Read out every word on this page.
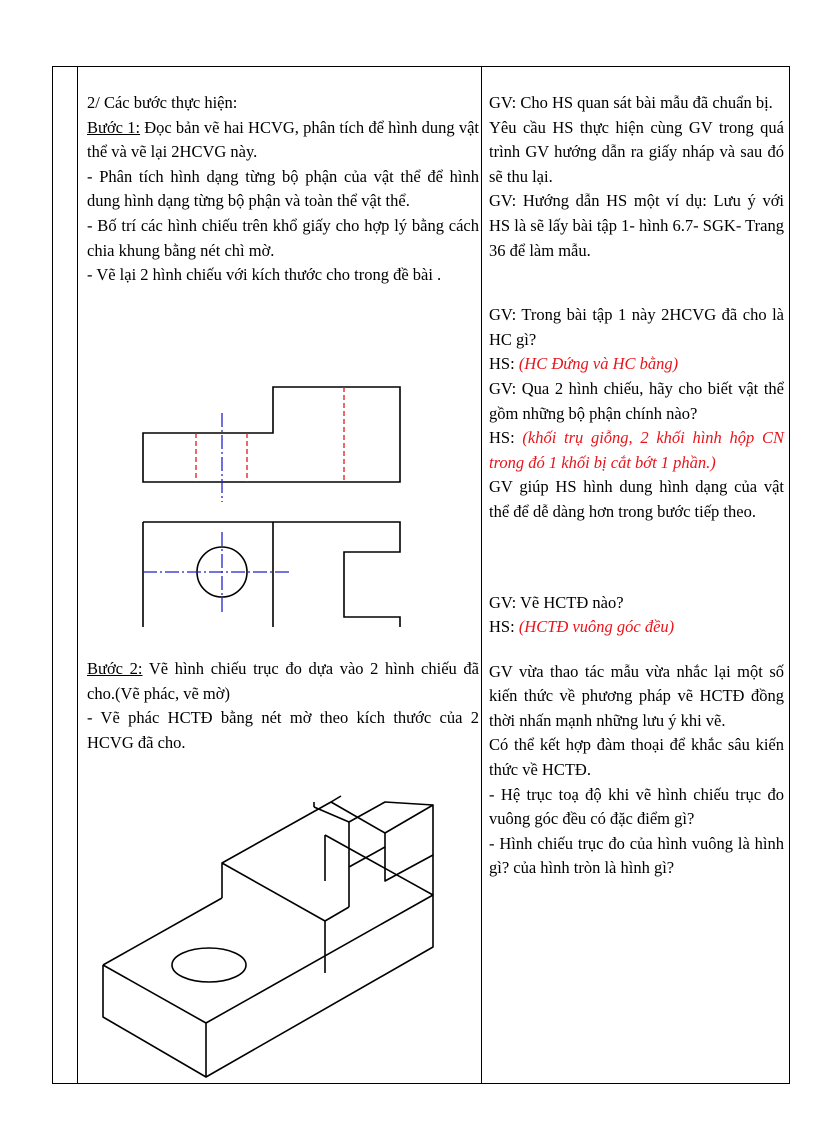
2/ Các bước thực hiện:

Bước 1: Đọc bản vẽ hai HCVG, phân tích để hình dung vật thể và vẽ lại 2HCVG này.

- Phân tích hình dạng từng bộ phận của vật thể để hình dung hình dạng từng bộ phận và toàn thể vật thể.

- Bố trí các hình chiếu trên khổ giấy cho hợp lý bằng cách chia khung bằng nét chì mờ.

- Vẽ lại 2 hình chiếu với kích thước cho trong đề bài .

Bước 2: Vẽ hình chiếu trục đo dựa vào 2 hình chiếu đã cho.(Vẽ phác, vẽ mờ)

- Vẽ phác HCTĐ bằng nét mờ theo kích thước của 2 HCVG đã cho.

GV: Cho HS quan sát bài mẫu đã chuẩn bị.

Yêu cầu HS thực hiện cùng GV trong quá trình GV hướng dẫn ra giấy nháp và sau đó sẽ thu lại.

GV: Hướng dẫn HS một ví dụ: Lưu ý với HS là sẽ lấy bài tập 1- hình 6.7- SGK- Trang 36 để làm mẫu.

GV: Trong bài tập 1 này 2HCVG đã cho là HC gì?

HS: (HC Đứng và HC bằng)

GV: Qua 2 hình chiếu, hãy cho biết vật thể gồm những bộ phận chính nào?

HS: (khối trụ giỗng, 2 khối hình hộp CN trong đó 1 khối bị cắt bớt 1 phần.)

GV giúp HS hình dung hình dạng của vật thể để dễ dàng hơn trong bước tiếp theo.

GV: Vẽ HCTĐ nào?

HS: (HCTĐ vuông góc đều)

GV vừa thao tác mẫu vừa nhắc lại một số kiến thức về phương pháp vẽ HCTĐ đồng thời nhấn mạnh những lưu ý khi vẽ.

Có thể kết hợp đàm thoại để khắc sâu kiến thức về HCTĐ.

- Hệ trục toạ độ khi vẽ hình chiếu trục đo vuông góc đều có đặc điểm gì?

- Hình chiếu trục đo của hình vuông là hình gì? của hình tròn là hình gì?
